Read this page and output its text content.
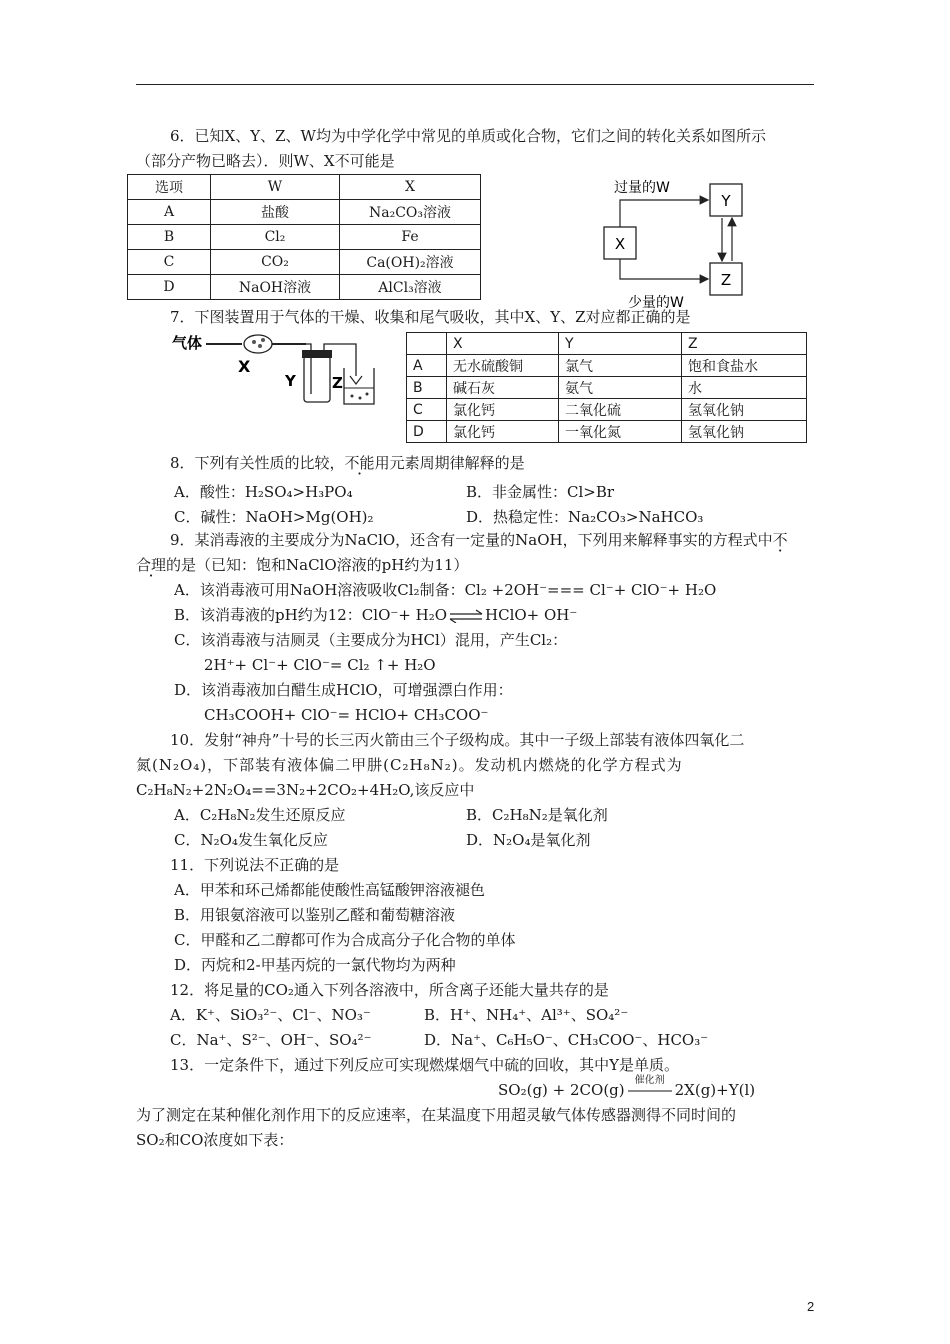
6．已知X、Y、Z、W均为中学化学中常见的单质或化合物，它们之间的转化关系如图所示
（部分产物已略去）．则W、X不可能是
选项	W	X
A	盐酸	Na₂CO₃溶液
B	Cl₂	Fe
C	CO₂	Ca(OH)₂溶液
D	NaOH溶液	AlCl₃溶液
过量的W
Y
X
Z
少量的W
7．下图装置用于气体的干燥、收集和尾气吸收，其中X、Y、Z对应都正确的是
气体
X
Y Z
	X	Y	Z
A	无水硫酸铜	氯气	饱和食盐水
B	碱石灰	氨气	水
C	氯化钙	二氧化硫	氢氧化钠
D	氯化钙	一氧化氮	氢氧化钠
8．下列有关性质的比较，不能用元素周期律解释的是
A．酸性：H₂SO₄>H₃PO₄	B．非金属性：Cl>Br
C．碱性：NaOH>Mg(OH)₂	D．热稳定性：Na₂CO₃>NaHCO₃
9．某消毒液的主要成分为NaClO，还含有一定量的NaOH，下列用来解释事实的方程式中不
合理的是（已知：饱和NaClO溶液的pH约为11）
A．该消毒液可用NaOH溶液吸收Cl₂制备：Cl₂ +2OH⁻=== Cl⁻+ ClO⁻+ H₂O
B．该消毒液的pH约为12：ClO⁻+ H₂O ⇌ HClO+ OH⁻
C．该消毒液与洁厕灵（主要成分为HCl）混用，产生Cl₂：
2H⁺+ Cl⁻+ ClO⁻= Cl₂ ↑+ H₂O
D．该消毒液加白醋生成HClO，可增强漂白作用：
CH₃COOH+ ClO⁻= HClO+ CH₃COO⁻
10．发射“神舟”十号的长三丙火箭由三个子级构成。其中一子级上部装有液体四氧化二
氮(N₂O₄)，下部装有液体偏二甲肼(C₂H₈N₂)。发动机内燃烧的化学方程式为
C₂H₈N₂+2N₂O₄==3N₂+2CO₂+4H₂O,该反应中
A．C₂H₈N₂发生还原反应	B．C₂H₈N₂是氧化剂
C．N₂O₄发生氧化反应	D．N₂O₄是氧化剂
11．下列说法不正确的是
A．甲苯和环己烯都能使酸性高锰酸钾溶液褪色
B．用银氨溶液可以鉴别乙醛和葡萄糖溶液
C．甲醛和乙二醇都可作为合成高分子化合物的单体
D．丙烷和2-甲基丙烷的一氯代物均为两种
12．将足量的CO₂通入下列各溶液中，所含离子还能大量共存的是
A．K⁺、SiO₃²⁻、Cl⁻、NO₃⁻	B．H⁺、NH₄⁺、Al³⁺、SO₄²⁻
C．Na⁺、S²⁻、OH⁻、SO₄²⁻	D．Na⁺、C₆H₅O⁻、CH₃COO⁻、HCO₃⁻
13．一定条件下，通过下列反应可实现燃煤烟气中硫的回收，其中Y是单质。
SO₂(g) + 2CO(g)
催化剂
2X(g)+Y(l)
为了测定在某种催化剂作用下的反应速率，在某温度下用超灵敏气体传感器测得不同时间的
SO₂和CO浓度如下表：
2
